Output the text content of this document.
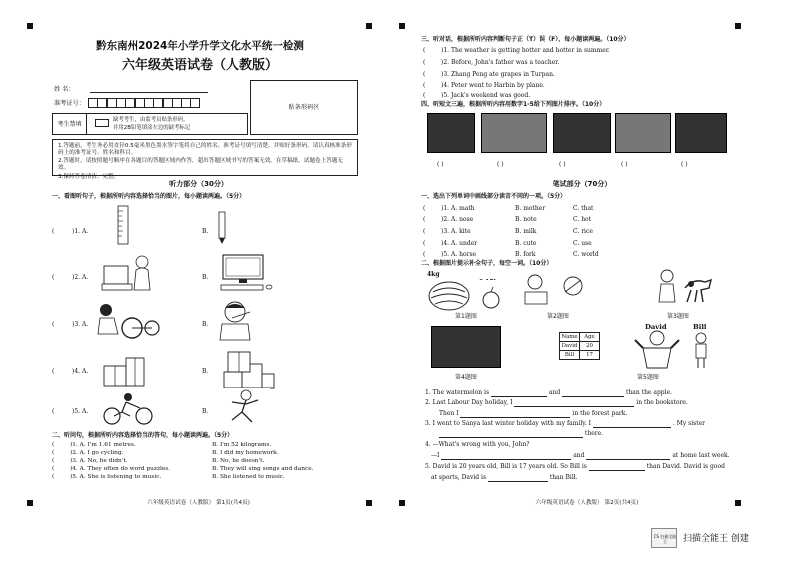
黔东南州2024年小学升学文化水平统一检测
六年级英语试卷（人教版）
姓 名：
准考证号：
考生禁填
缺考考生，由监考员贴条形码，
并用2B铅笔填涂左边的缺考标记
贴条形码区
1.答题前，考生务必用直径0.5毫米黑色墨水签字笔将自己的姓名、准考证号填写清楚，并贴好条形码。请认真核准条形码上的准考证号、姓名和科目。
2.答题时，请按照题号顺序在各题目的答题区域内作答，超出答题区域书写的答案无效。在草稿纸、试题卷上答题无效。
3.保持答卷清洁、完整。
听力部分（30分）
一、看图听句子，根据所听内容选择恰当的图片，每小题读两遍。（5分）
(	)1. A.	B.
(	)2. A.	B.
(	)3. A.	B.
(	)4. A.	B.
(	)5. A.	B.
二、听问句，根据所听内容选择恰当的答句，每小题读两遍。（5分）
(	)1. A. I'm 1.61 metres.	B. I'm 52 kilograms.
(	)2. A. I go cycling.	B. I did my homework.
(	)3. A. No, he didn't.	B. No, he doesn't.
(	)4. A. They often do word puzzles.	B. They will sing songs and dance.
(	)5. A. She is listening to music.	B. She listened to music.
六年级英语试卷（人教版） 第1页(共4页)
三、听对话，根据所听内容判断句子正（T）误（F），每小题读两遍。（10分）
(	)1. The weather is getting hotter and hotter in summer.
(	)2. Before, John's father was a teacher.
(	)3. Zhang Peng ate grapes in Turpan.
(	)4. Peter went to Harbin by plane.
(	)5. Jack's weekend was good.
四、听短文三遍，根据所听内容用数字1-5给下列图片排序。（10分）
( )	( )	( )	( )	( )
笔试部分（70分）
一、选出下列单词中画线部分读音不同的一项。（5分）
(	)1. A. math	B. mother	C. that
(	)2. A. nose	B. note	C. hot
(	)3. A. kite	B. milk	C. rice
(	)4. A. under	B. cute	C. use
(	)5. A. horse	B. fork	C. world
二、根据图片提示补全句子，每空一词。（10分）
4kg
0.15kg
第1题图	第2题图	第3题图
第4题图
Name	Age
David	20
Bill	17
David	Bill
第5题图
1. The watermelon is	and	than the apple.
2. Last Labour Day holiday, I	in the bookstore.
Then I	in the forest park.
3. I went to Sanya last winter holiday with my family. I	. My sister
there.
4. —What's wrong with you, John?
—I	and	at home last week.
5. David is 20 years old, Bill is 17 years old. So Bill is	than David. David is good
at sports, David is	than Bill.
六年级英语试卷（人教版） 第2页(共4页)
CS 扫描全能王	扫描全能王 创建
